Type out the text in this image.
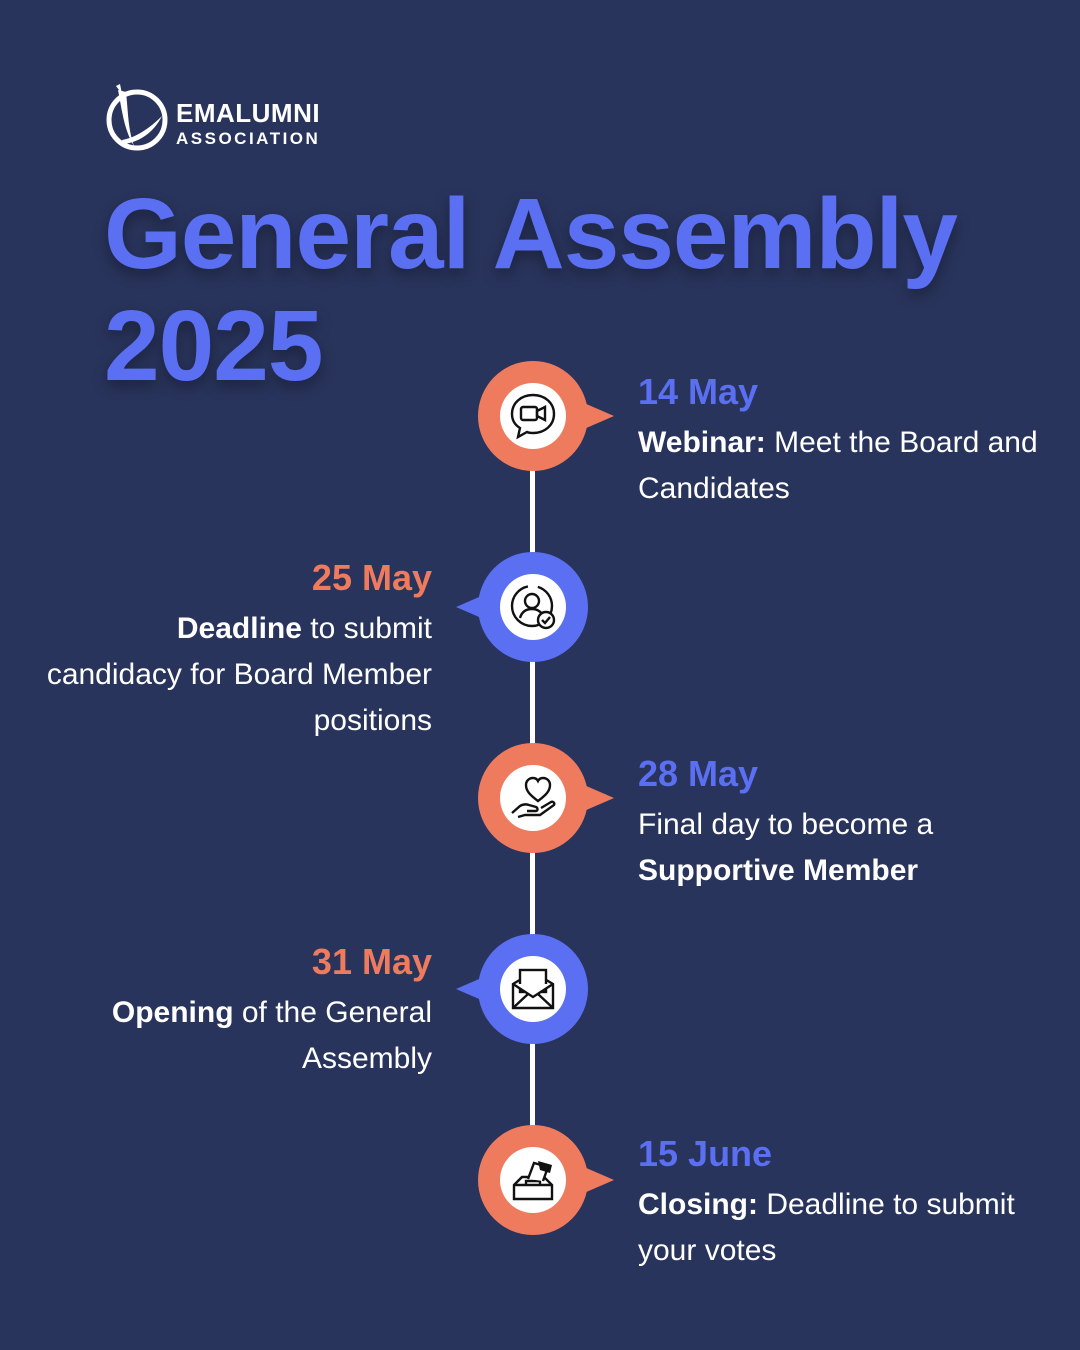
EMALUMNI
ASSOCIATION
General Assembly
2025	14 May
Webinar: Meet the Board and Candidates
25 May
Deadline to submit candidacy for Board Member positions
28 May
Final day to become a Supportive Member
31 May
Opening of the General Assembly
15 June
Closing: Deadline to submit your votes
